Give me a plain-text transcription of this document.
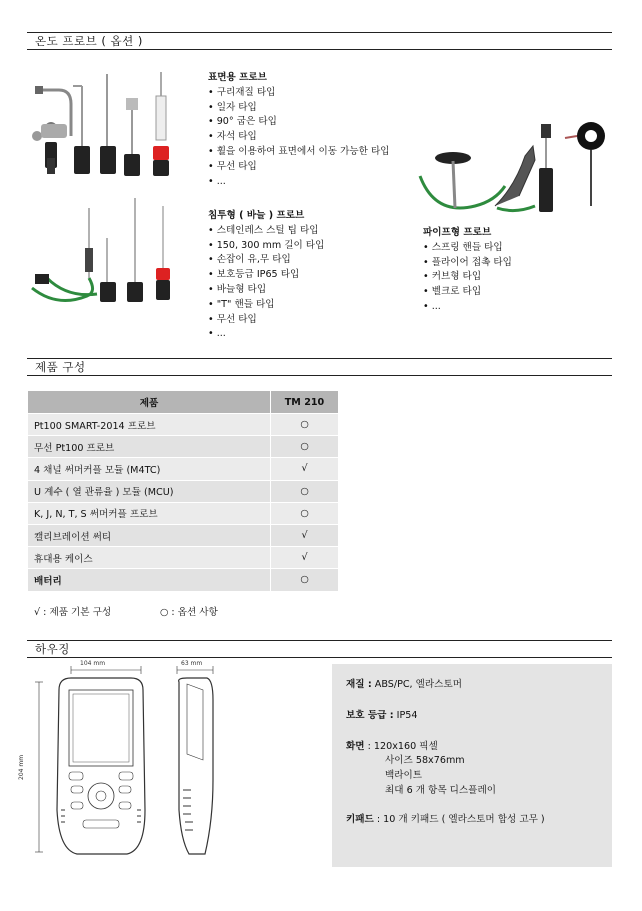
온도 프로브 ( 옵션 )
표면용 프로브
• 구리재질 타입
• 일자 타입
• 90° 굽은 타입
• 자석 타입
• 휠을 이용하여 표면에서 이동 가능한 타입
• 무선 타입
• ...
침투형 ( 바늘 ) 프로브
• 스테인레스 스틸 팁 타입
• 150, 300 mm 길이 타입
• 손잡이 유,무 타입
• 보호등급 IP65 타입
• 바늘형 타입
• "T" 핸들 타입
• 무선 타입
• ...
파이프형 프로브
• 스프링 핸들 타입
• 플라이어 접촉 타입
• 커브형 타입
• 벨크로 타입
• ...
제품 구성
제품	TM 210
Pt100 SMART-2014 프로브	○
무선 Pt100 프로브	○
4 채널 써머커플 모듈 (M4TC)	√
U 계수 ( 열 관류율 ) 모듈 (MCU)	○
K, J, N, T, S 써머커플 프로브	○
캘리브레이션 써티	√
휴대용 케이스	√
배터리	○
√ : 제품 기본 구성	○ : 옵션 사항
하우징
104 mm	63 mm
204 mm
재질 : ABS/PC, 엘라스토머
보호 등급 : IP54
화면 : 120x160 픽셀
사이즈 58x76mm
백라이트
최대 6 개 항목 디스플레이
키패드 : 10 개 키패드 ( 엘라스토머 합성 고무 )
